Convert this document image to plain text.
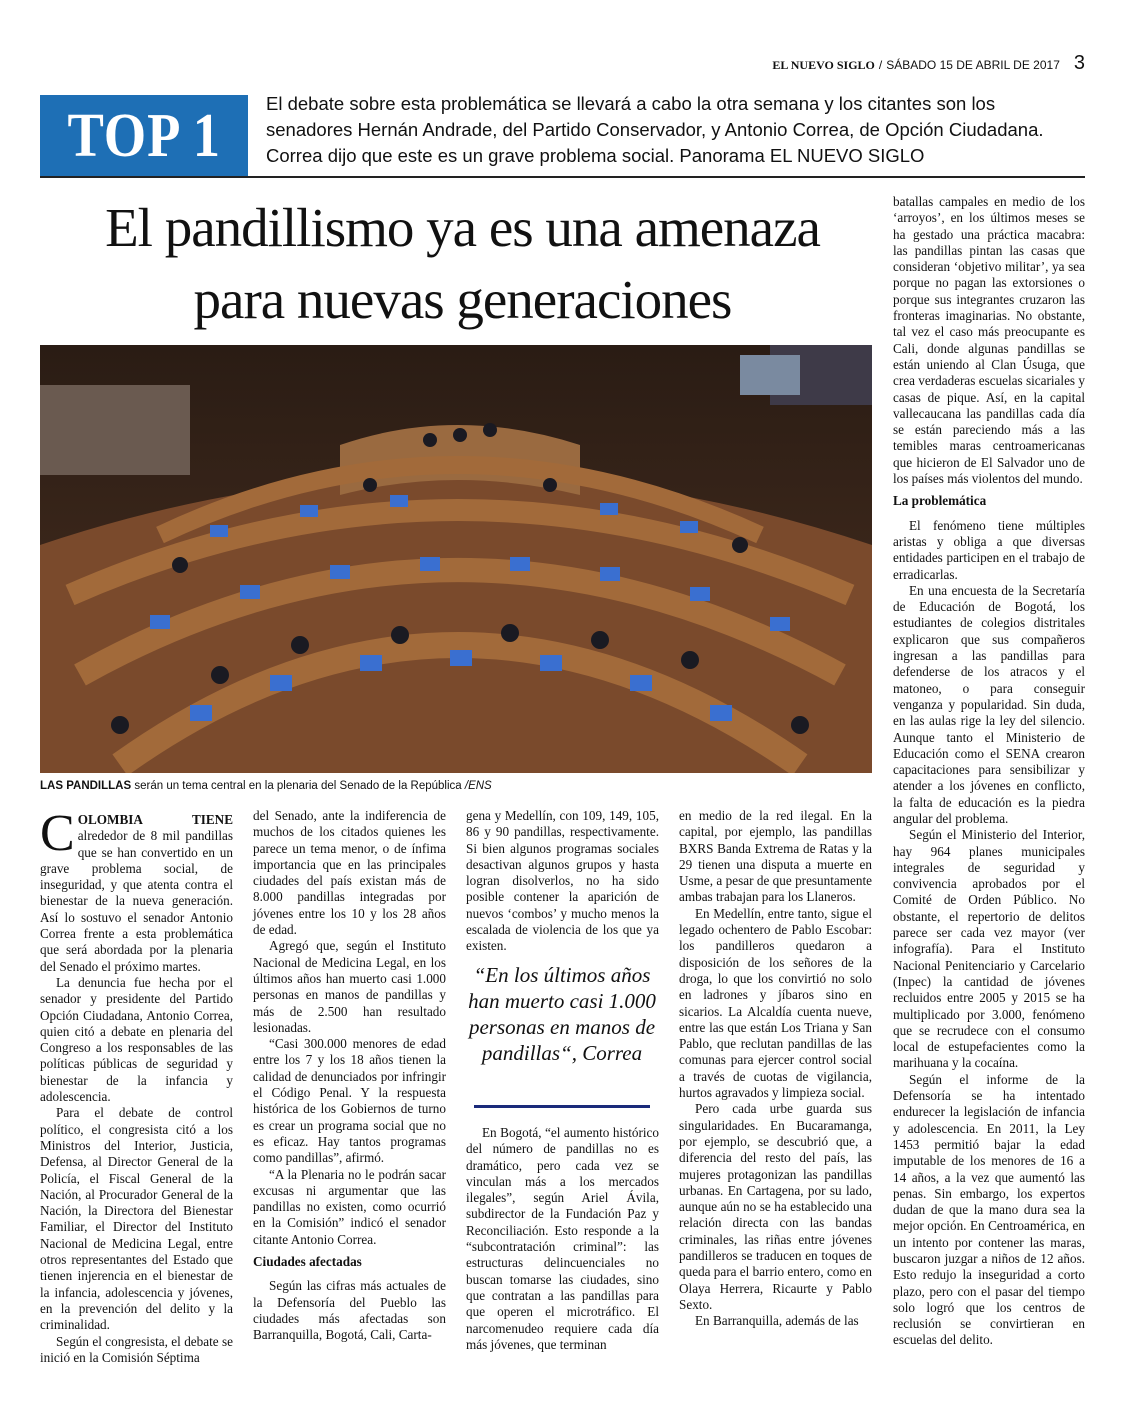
EL NUEVO SIGLO / SÁBADO 15 DE ABRIL DE 2017 3
TOP 1 El debate sobre esta problemática se llevará a cabo la otra semana y los citantes son los
senadores Hernán Andrade, del Partido Conservador, y Antonio Correa, de Opción Ciudadana.
Correa dijo que este es un grave problema social. Panorama EL NUEVO SIGLO
El pandillismo ya es una amenaza
para nuevas generaciones
LAS PANDILLAS serán un tema central en la plenaria del Senado de la República /ENS

COLOMBIA TIENE alrededor de 8 mil pandillas que se han convertido en un grave problema social, de inseguridad, y que atenta contra el bienestar de la nueva generación. Así lo sostuvo el senador Antonio Correa frente a esta problemática que será abordada por la plenaria del Senado el próximo martes.

La denuncia fue hecha por el senador y presidente del Partido Opción Ciudadana, Antonio Correa, quien citó a debate en plenaria del Congreso a los responsables de las políticas públicas de seguridad y bienestar de la infancia y adolescencia.

Para el debate de control político, el congresista citó a los Ministros del Interior, Justicia, Defensa, al Director General de la Policía, el Fiscal General de la Nación, al Procurador General de la Nación, la Directora del Bienestar Familiar, el Director del Instituto Nacional de Medicina Legal, entre otros representantes del Estado que tienen injerencia en el bienestar de la infancia, adolescencia y jóvenes, en la prevención del delito y la criminalidad.

Según el congresista, el debate se inició en la Comisión Séptima

del Senado, ante la indiferencia de muchos de los citados quienes les parece un tema menor, o de ínfima importancia que en las principales ciudades del país existan más de 8.000 pandillas integradas por jóvenes entre los 10 y los 28 años de edad.

Agregó que, según el Instituto Nacional de Medicina Legal, en los últimos años han muerto casi 1.000 personas en manos de pandillas y más de 2.500 han resultado lesionadas.

“Casi 300.000 menores de edad entre los 7 y los 18 años tienen la calidad de denunciados por infringir el Código Penal. Y la respuesta histórica de los Gobiernos de turno es crear un programa social que no es eficaz. Hay tantos programas como pandillas”, afirmó.

“A la Plenaria no le podrán sacar excusas ni argumentar que las pandillas no existen, como ocurrió en la Comisión” indicó el senador citante Antonio Correa.

Ciudades afectadas

Según las cifras más actuales de la Defensoría del Pueblo las ciudades más afectadas son Barranquilla, Bogotá, Cali, Carta-

gena y Medellín, con 109, 149, 105, 86 y 90 pandillas, respectivamente. Si bien algunos programas sociales desactivan algunos grupos y hasta logran disolverlos, no ha sido posible contener la aparición de nuevos ‘combos’ y mucho menos la escalada de violencia de los que ya existen.

“En los últimos años han muerto casi 1.000 personas en manos de pandillas“, Correa

En Bogotá, “el aumento histórico del número de pandillas no es dramático, pero cada vez se vinculan más a los mercados ilegales”, según Ariel Ávila, subdirector de la Fundación Paz y Reconciliación. Esto responde a la “subcontratación criminal”: las estructuras delincuenciales no buscan tomarse las ciudades, sino que contratan a las pandillas para que operen el microtráfico. El narcomenudeo requiere cada día más jóvenes, que terminan

en medio de la red ilegal. En la capital, por ejemplo, las pandillas BXRS Banda Extrema de Ratas y la 29 tienen una disputa a muerte en Usme, a pesar de que presuntamente ambas trabajan para los Llaneros.

En Medellín, entre tanto, sigue el legado ochentero de Pablo Escobar: los pandilleros quedaron a disposición de los señores de la droga, lo que los convirtió no solo en ladrones y jíbaros sino en sicarios. La Alcaldía cuenta nueve, entre las que están Los Triana y San Pablo, que reclutan pandillas de las comunas para ejercer control social a través de cuotas de vigilancia, hurtos agravados y limpieza social.

Pero cada urbe guarda sus singularidades. En Bucaramanga, por ejemplo, se descubrió que, a diferencia del resto del país, las mujeres protagonizan las pandillas urbanas. En Cartagena, por su lado, aunque aún no se ha establecido una relación directa con las bandas criminales, las riñas entre jóvenes pandilleros se traducen en toques de queda para el barrio entero, como en Olaya Herrera, Ricaurte y Pablo Sexto.

En Barranquilla, además de las

batallas campales en medio de los ‘arroyos’, en los últimos meses se ha gestado una práctica macabra: las pandillas pintan las casas que consideran ‘objetivo militar’, ya sea porque no pagan las extorsiones o porque sus integrantes cruzaron las fronteras imaginarias. No obstante, tal vez el caso más preocupante es Cali, donde algunas pandillas se están uniendo al Clan Úsuga, que crea verdaderas escuelas sicariales y casas de pique. Así, en la capital vallecaucana las pandillas cada día se están pareciendo más a las temibles maras centroamericanas que hicieron de El Salvador uno de los países más violentos del mundo.

La problemática

El fenómeno tiene múltiples aristas y obliga a que diversas entidades participen en el trabajo de erradicarlas.

En una encuesta de la Secretaría de Educación de Bogotá, los estudiantes de colegios distritales explicaron que sus compañeros ingresan a las pandillas para defenderse de los atracos y el matoneo, o para conseguir venganza y popularidad. Sin duda, en las aulas rige la ley del silencio. Aunque tanto el Ministerio de Educación como el SENA crearon capacitaciones para sensibilizar y atender a los jóvenes en conflicto, la falta de educación es la piedra angular del problema.

Según el Ministerio del Interior, hay 964 planes municipales integrales de seguridad y convivencia aprobados por el Comité de Orden Público. No obstante, el repertorio de delitos parece ser cada vez mayor (ver infografía). Para el Instituto Nacional Penitenciario y Carcelario (Inpec) la cantidad de jóvenes recluidos entre 2005 y 2015 se ha multiplicado por 3.000, fenómeno que se recrudece con el consumo local de estupefacientes como la marihuana y la cocaína.

Según el informe de la Defensoría se ha intentado endurecer la legislación de infancia y adolescencia. En 2011, la Ley 1453 permitió bajar la edad imputable de los menores de 16 a 14 años, a la vez que aumentó las penas. Sin embargo, los expertos dudan de que la mano dura sea la mejor opción. En Centroamérica, en un intento por contener las maras, buscaron juzgar a niños de 12 años. Esto redujo la inseguridad a corto plazo, pero con el pasar del tiempo solo logró que los centros de reclusión se convirtieran en escuelas del delito.
